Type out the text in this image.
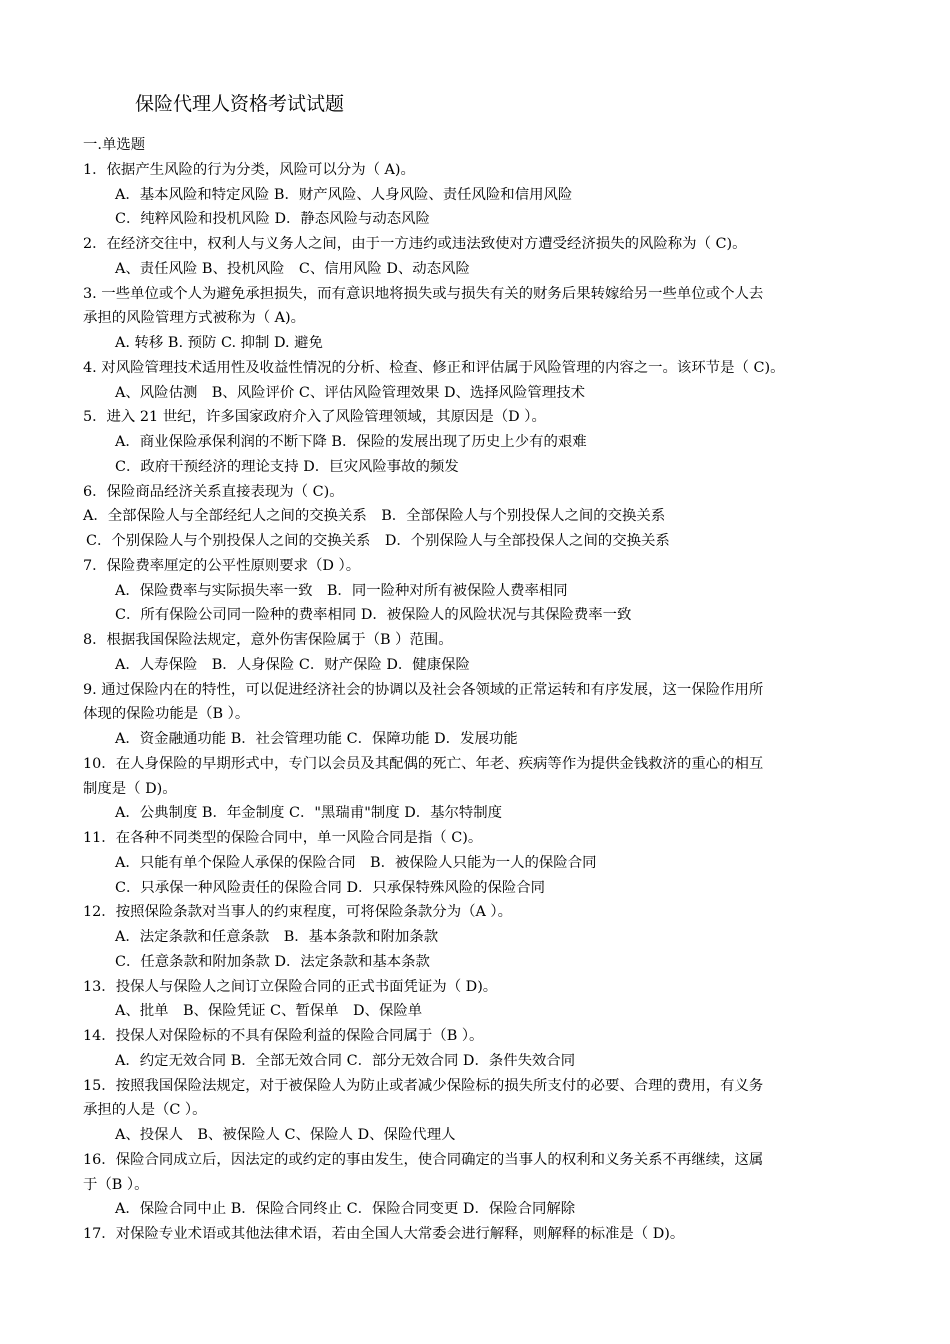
保险代理人资格考试试题
一.单选题
1．依据产生风险的行为分类，风险可以分为（ A)。
A．基本风险和特定风险 B．财产风险、人身风险、责任风险和信用风险
C．纯粹风险和投机风险 D．静态风险与动态风险
2．在经济交往中，权利人与义务人之间，由于一方违约或违法致使对方遭受经济损失的风险称为（ C)。
A、责任风险 B、投机风险　C、信用风险 D、动态风险
3. 一些单位或个人为避免承担损失，而有意识地将损失或与损失有关的财务后果转嫁给另一些单位或个人去
承担的风险管理方式被称为（ A)。
A. 转移 B. 预防 C. 抑制 D. 避免
4. 对风险管理技术适用性及收益性情况的分析、检查、修正和评估属于风险管理的内容之一。该环节是（ C)。
A、风险估测　B、风险评价 C、评估风险管理效果 D、选择风险管理技术
5．进入 21 世纪，许多国家政府介入了风险管理领域，其原因是（D ）。
A．商业保险承保利润的不断下降 B．保险的发展出现了历史上少有的艰难
C．政府干预经济的理论支持 D．巨灾风险事故的频发
6．保险商品经济关系直接表现为（ C)。
A．全部保险人与全部经纪人之间的交换关系　B．全部保险人与个别投保人之间的交换关系
C．个别保险人与个别投保人之间的交换关系　D．个别保险人与全部投保人之间的交换关系
7．保险费率厘定的公平性原则要求（D ）。
A．保险费率与实际损失率一致　B．同一险种对所有被保险人费率相同
C．所有保险公司同一险种的费率相同 D．被保险人的风险状况与其保险费率一致
8．根据我国保险法规定，意外伤害保险属于（B ）范围。
A．人寿保险　B．人身保险 C．财产保险 D．健康保险
9. 通过保险内在的特性，可以促进经济社会的协调以及社会各领域的正常运转和有序发展，这一保险作用所
体现的保险功能是（B ）。
A．资金融通功能 B．社会管理功能 C．保障功能 D．发展功能
10．在人身保险的早期形式中，专门以会员及其配偶的死亡、年老、疾病等作为提供金钱救济的重心的相互
制度是（ D)。
A．公典制度 B．年金制度 C．"黑瑞甫"制度 D．基尔特制度
11．在各种不同类型的保险合同中，单一风险合同是指（ C)。
A．只能有单个保险人承保的保险合同　B．被保险人只能为一人的保险合同
C．只承保一种风险责任的保险合同 D．只承保特殊风险的保险合同
12．按照保险条款对当事人的约束程度，可将保险条款分为（A ）。
A．法定条款和任意条款　B．基本条款和附加条款
C．任意条款和附加条款 D．法定条款和基本条款
13．投保人与保险人之间订立保险合同的正式书面凭证为（ D)。
A、批单　B、保险凭证 C、暂保单　D、保险单
14．投保人对保险标的不具有保险利益的保险合同属于（B ）。
A．约定无效合同 B．全部无效合同 C．部分无效合同 D．条件失效合同
15．按照我国保险法规定，对于被保险人为防止或者减少保险标的损失所支付的必要、合理的费用，有义务
承担的人是（C ）。
A、投保人　B、被保险人 C、保险人 D、保险代理人
16．保险合同成立后，因法定的或约定的事由发生，使合同确定的当事人的权利和义务关系不再继续，这属
于（B ）。
A．保险合同中止 B．保险合同终止 C．保险合同变更 D．保险合同解除
17．对保险专业术语或其他法律术语，若由全国人大常委会进行解释，则解释的标准是（ D)。
